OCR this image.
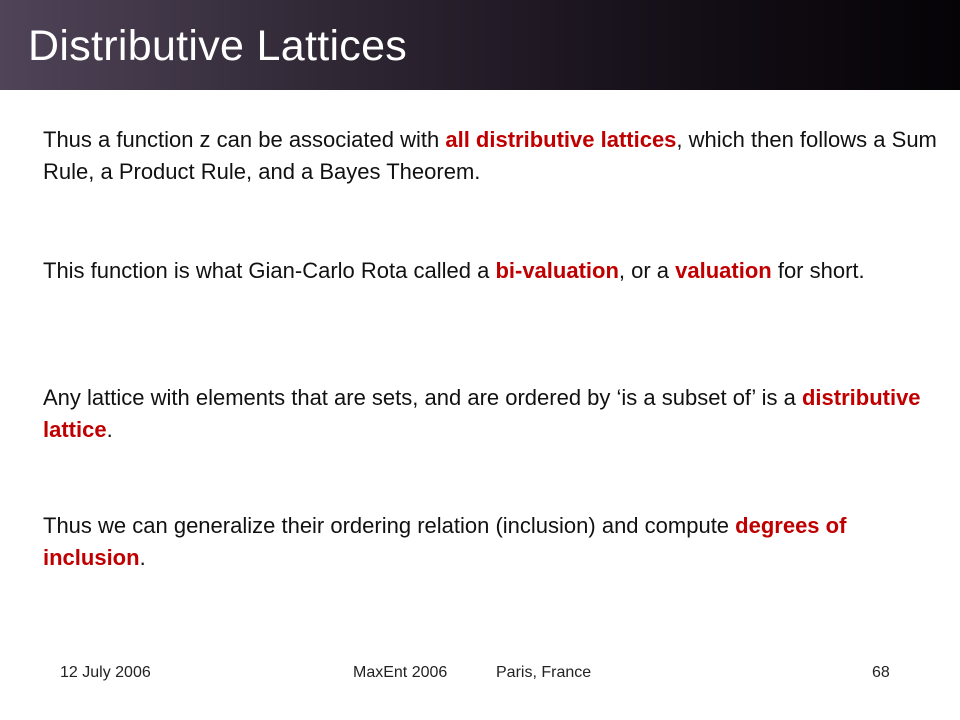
Distributive Lattices

Thus a function z can be associated with all distributive lattices, which then follows a Sum Rule, a Product Rule, and a Bayes Theorem.

This function is what Gian-Carlo Rota called a bi-valuation, or a valuation for short.

Any lattice with elements that are sets, and are ordered by ‘is a subset of’ is a distributive lattice.

Thus we can generalize their ordering relation (inclusion) and compute degrees of inclusion.

12 July 2006	MaxEnt 2006	Paris, France	68
